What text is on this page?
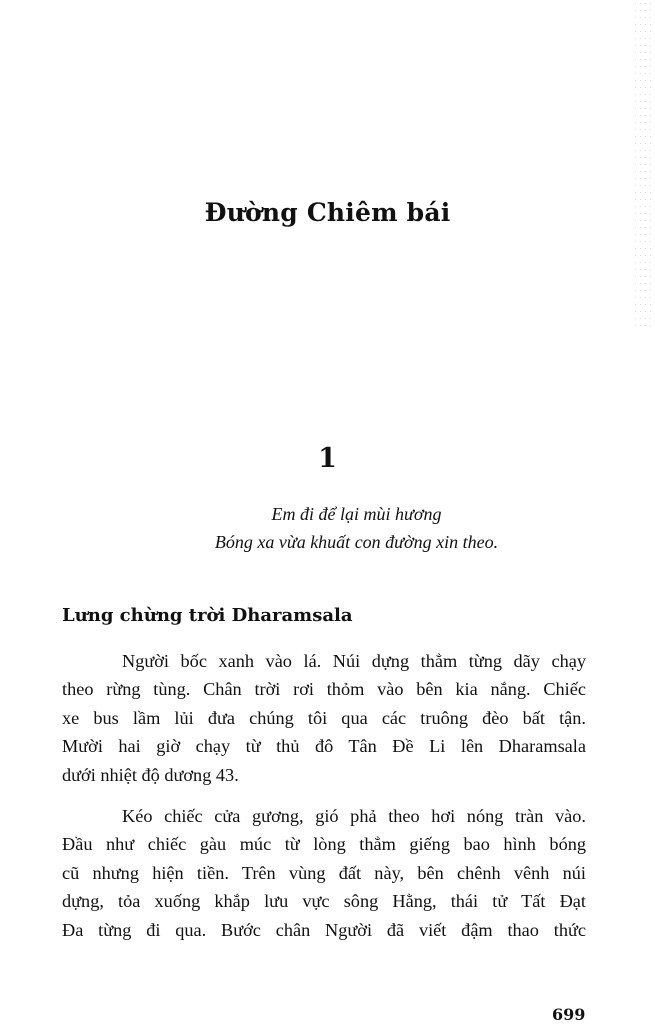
Đường Chiêm bái
1
Em đi để lại mùi hương
Bóng xa vừa khuất con đường xin theo.
Lưng chừng trời Dharamsala

Người bốc xanh vào lá. Núi dựng thẳm từng dãy chạy
theo rừng tùng. Chân trời rơi thỏm vào bên kia nắng. Chiếc
xe bus lầm lủi đưa chúng tôi qua các truông đèo bất tận.
Mười hai giờ chạy từ thủ đô Tân Đề Li lên Dharamsala
dưới nhiệt độ dương 43.

Kéo chiếc cửa gương, gió phả theo hơi nóng tràn vào.
Đầu như chiếc gàu múc từ lòng thẳm giếng bao hình bóng
cũ nhưng hiện tiền. Trên vùng đất này, bên chênh vênh núi
dựng, tỏa xuống khắp lưu vực sông Hằng, thái tử Tất Đạt
Đa từng đi qua. Bước chân Người đã viết đậm thao thức

699
